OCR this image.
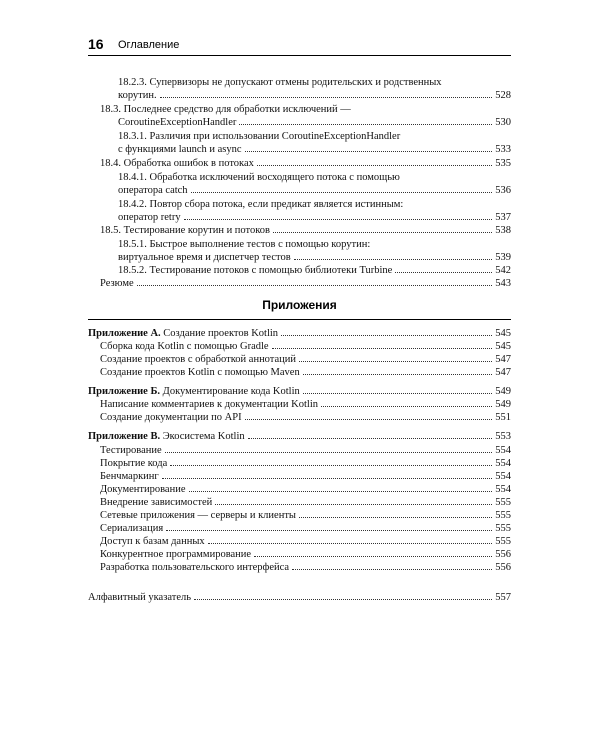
16 Оглавление
18.2.3. Супервизоры не допускают отмены родительских и родственных
корутин.	528
18.3. Последнее средство для обработки исключений —
CoroutineExceptionHandler	530
18.3.1. Различия при использовании CoroutineExceptionHandler
с функциями launch и async	533
18.4. Обработка ошибок в потоках	535
18.4.1. Обработка исключений восходящего потока с помощью
оператора catch	536
18.4.2. Повтор сбора потока, если предикат является истинным:
оператор retry	537
18.5. Тестирование корутин и потоков	538
18.5.1. Быстрое выполнение тестов с помощью корутин:
виртуальное время и диспетчер тестов	539
18.5.2. Тестирование потоков с помощью библиотеки Turbine	542
Резюме	543
Приложения
Приложение А. Создание проектов Kotlin	545
Сборка кода Kotlin с помощью Gradle	545
Создание проектов с обработкой аннотаций	547
Создание проектов Kotlin с помощью Maven	547
Приложение Б. Документирование кода Kotlin	549
Написание комментариев к документации Kotlin	549
Создание документации по API	551
Приложение В. Экосистема Kotlin	553
Тестирование	554
Покрытие кода	554
Бенчмаркинг	554
Документирование	554
Внедрение зависимостей	555
Сетевые приложения — серверы и клиенты	555
Сериализация	555
Доступ к базам данных	555
Конкурентное программирование	556
Разработка пользовательского интерфейса	556
Алфавитный указатель	557
